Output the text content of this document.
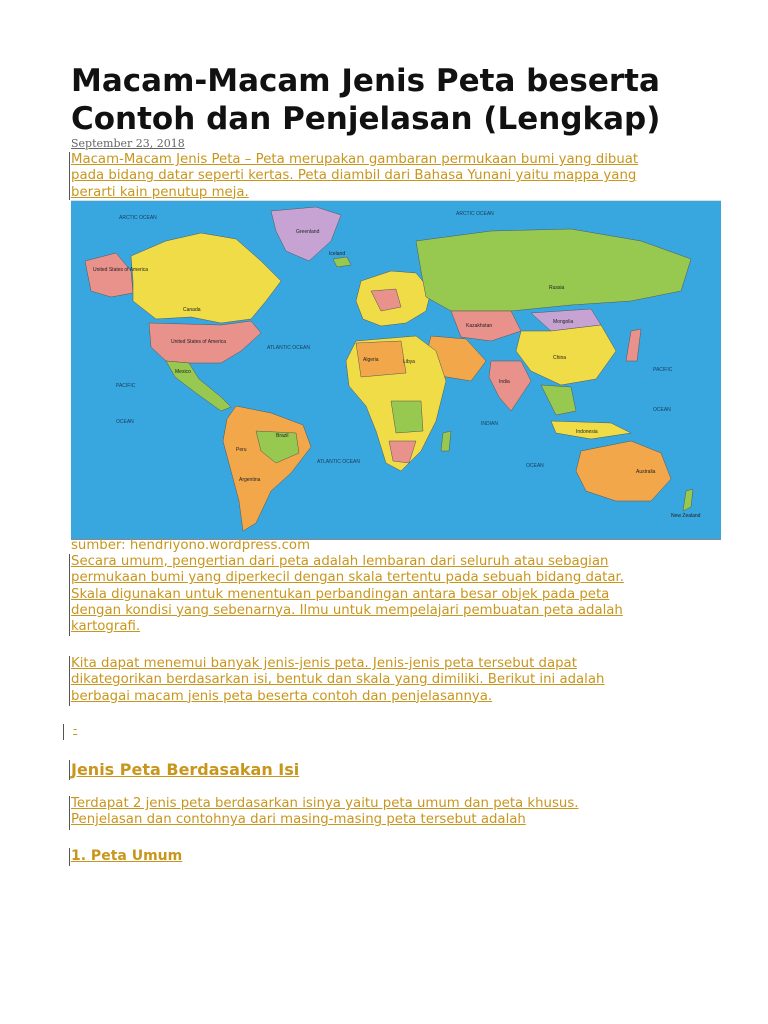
Macam-Macam Jenis Peta beserta Contoh dan Penjelasan (Lengkap)
September 23, 2018
Macam-Macam Jenis Peta – Peta merupakan gambaran permukaan bumi yang dibuat
pada bidang datar seperti kertas. Peta diambil dari Bahasa Yunani yaitu mappa yang
berarti kain penutup meja.
ARCTIC OCEAN
ARCTIC OCEAN
Greenland
Russia
Canada
United States of America
United States of America
ATLANTIC OCEAN
ATLANTIC OCEAN
PACIFIC
OCEAN
PACIFIC
OCEAN
INDIAN
OCEAN
Brazil
China
Australia
Mongolia
Kazakhstan
India
Argentina
Mexico
Algeria	Libya
New Zealand
Indonesia
Peru
Iceland
sumber: hendriyono.wordpress.com
Secara umum, pengertian dari peta adalah lembaran dari seluruh atau sebagian
permukaan bumi yang diperkecil dengan skala tertentu pada sebuah bidang datar.
Skala digunakan untuk menentukan perbandingan antara besar objek pada peta
dengan kondisi yang sebenarnya. Ilmu untuk mempelajari pembuatan peta adalah
kartografi.
Kita dapat menemui banyak jenis-jenis peta. Jenis-jenis peta tersebut dapat
dikategorikan berdasarkan isi, bentuk dan skala yang dimiliki. Berikut ini adalah
berbagai macam jenis peta beserta contoh dan penjelasannya.
-
Jenis Peta Berdasakan Isi
Terdapat 2 jenis peta berdasarkan isinya yaitu peta umum dan peta khusus.
Penjelasan dan contohnya dari masing-masing peta tersebut adalah
1. Peta Umum
